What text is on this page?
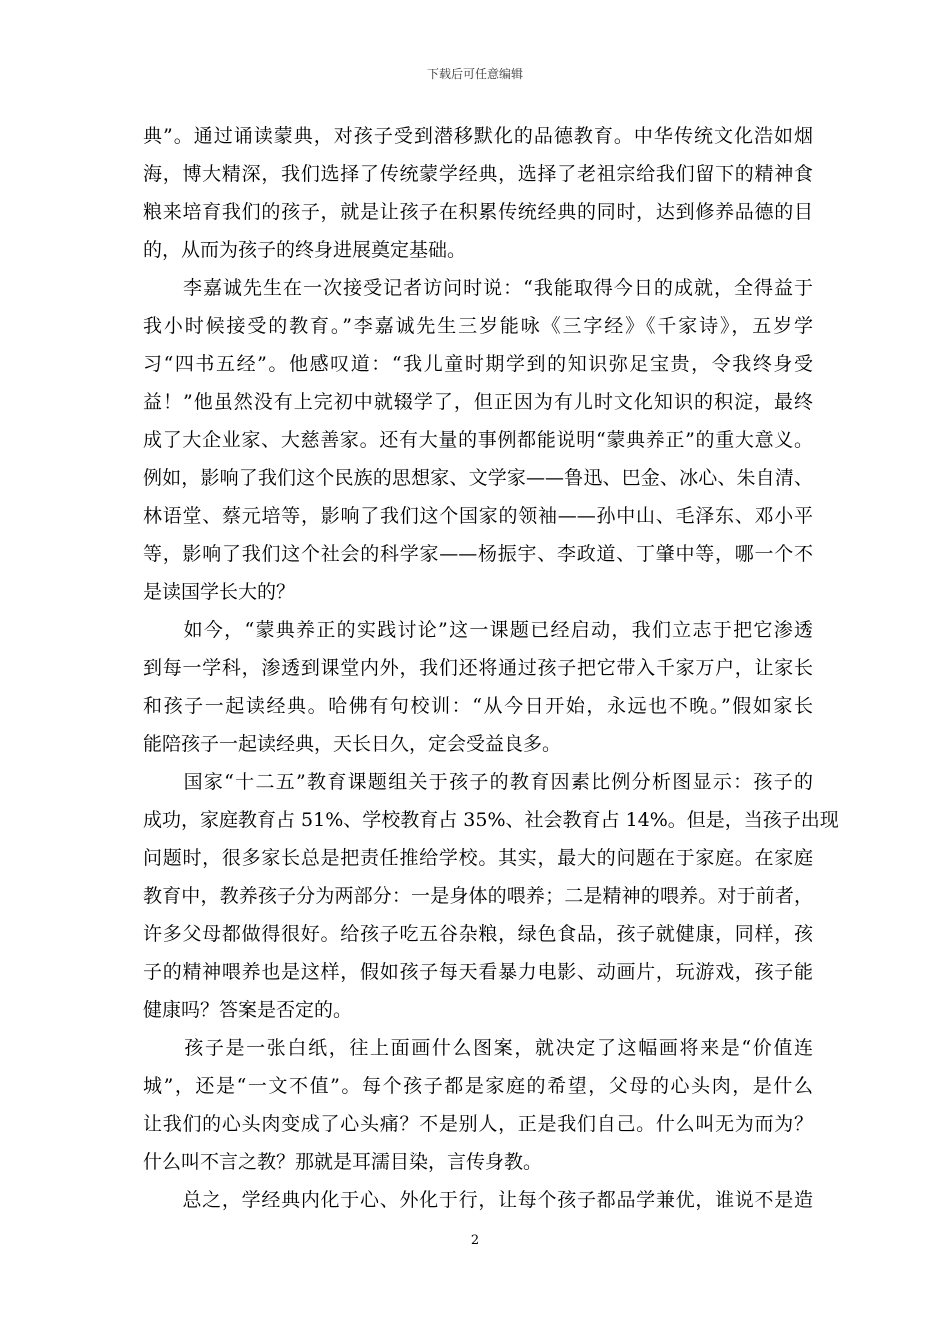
下载后可任意编辑
典”。通过诵读蒙典，对孩子受到潜移默化的品德教育。中华传统文化浩如烟
海，博大精深，我们选择了传统蒙学经典，选择了老祖宗给我们留下的精神食
粮来培育我们的孩子，就是让孩子在积累传统经典的同时，达到修养品德的目
的，从而为孩子的终身进展奠定基础。
　　李嘉诚先生在一次接受记者访问时说：“我能取得今日的成就，全得益于
我小时候接受的教育。”李嘉诚先生三岁能咏《三字经》《千家诗》，五岁学
习“四书五经”。他感叹道：“我儿童时期学到的知识弥足宝贵，令我终身受
益！”他虽然没有上完初中就辍学了，但正因为有儿时文化知识的积淀，最终
成了大企业家、大慈善家。还有大量的事例都能说明“蒙典养正”的重大意义。
例如，影响了我们这个民族的思想家、文学家——鲁迅、巴金、冰心、朱自清、
林语堂、蔡元培等，影响了我们这个国家的领袖——孙中山、毛泽东、邓小平
等，影响了我们这个社会的科学家——杨振宇、李政道、丁肇中等，哪一个不
是读国学长大的？
　　如今，“蒙典养正的实践讨论”这一课题已经启动，我们立志于把它渗透
到每一学科，渗透到课堂内外，我们还将通过孩子把它带入千家万户，让家长
和孩子一起读经典。哈佛有句校训：“从今日开始，永远也不晚。”假如家长
能陪孩子一起读经典，天长日久，定会受益良多。
　　国家“十二五”教育课题组关于孩子的教育因素比例分析图显示：孩子的
成功，家庭教育占 51%、学校教育占 35%、社会教育占 14%。但是，当孩子出现
问题时，很多家长总是把责任推给学校。其实，最大的问题在于家庭。在家庭
教育中，教养孩子分为两部分：一是身体的喂养；二是精神的喂养。对于前者，
许多父母都做得很好。给孩子吃五谷杂粮，绿色食品，孩子就健康，同样，孩
子的精神喂养也是这样，假如孩子每天看暴力电影、动画片，玩游戏，孩子能
健康吗？答案是否定的。
　　孩子是一张白纸，往上面画什么图案，就决定了这幅画将来是“价值连
城”，还是“一文不值”。每个孩子都是家庭的希望，父母的心头肉，是什么
让我们的心头肉变成了心头痛？不是别人，正是我们自己。什么叫无为而为？
什么叫不言之教？那就是耳濡目染，言传身教。
　　总之，学经典内化于心、外化于行，让每个孩子都品学兼优，谁说不是造
2
